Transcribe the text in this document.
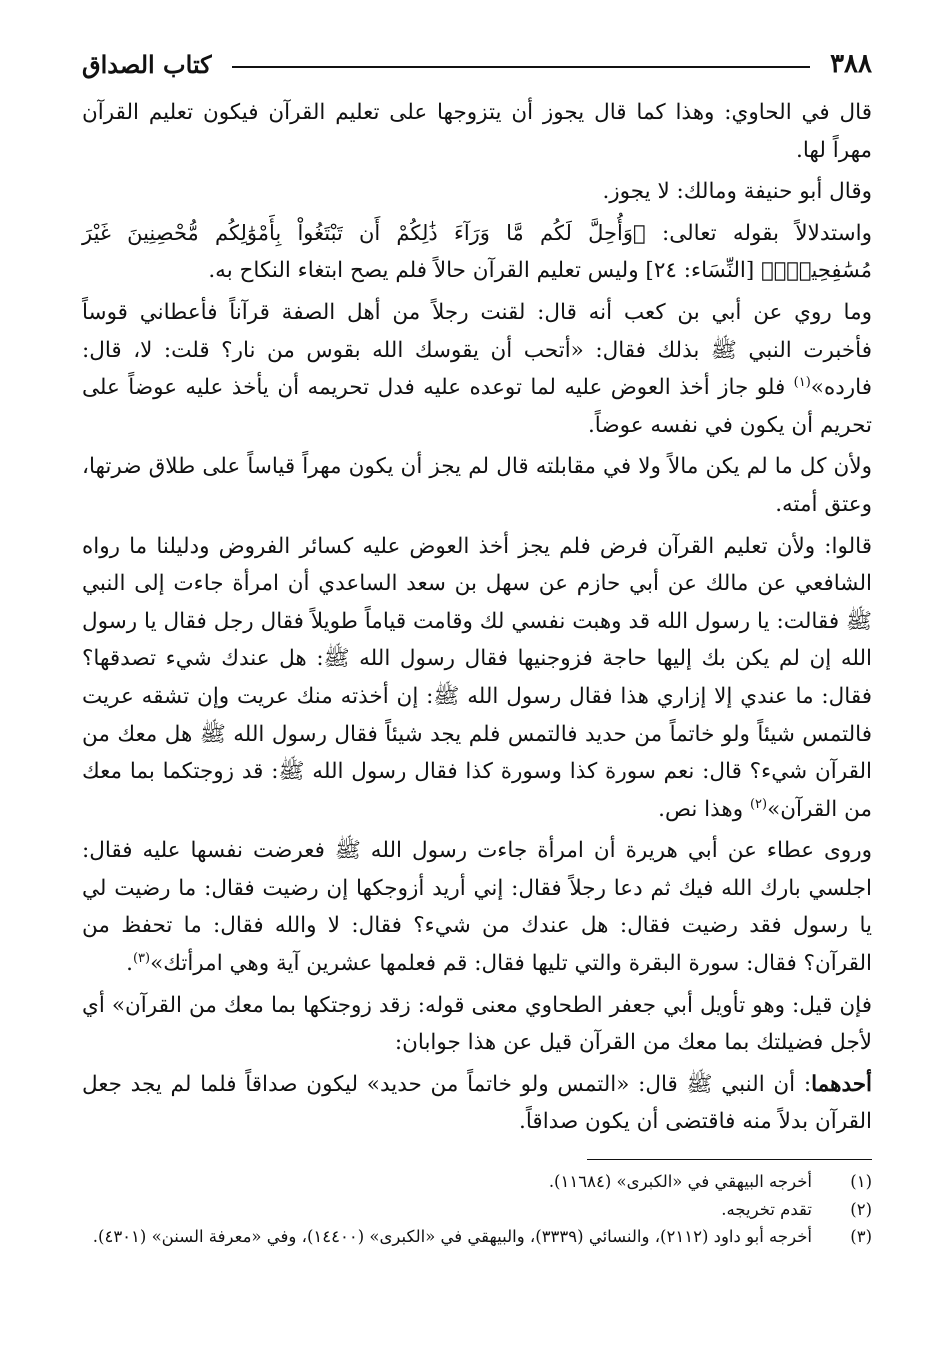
٣٨٨
كتاب الصداق

قال في الحاوي: وهذا كما قال يجوز أن يتزوجها على تعليم القرآن فيكون تعليم القرآن مهراً لها.

وقال أبو حنيفة ومالك: لا يجوز.

واستدلالاً بقوله تعالى: ﴿وَأُحِلَّ لَكُم مَّا وَرَآءَ ذَٰلِكُمْ أَن تَبْتَغُواْ بِأَمْوَٰلِكُم مُّحْصِنِينَ غَيْرَ مُسَٰفِحِينَۚ﴾ [النِّسَاء: ٢٤] وليس تعليم القرآن حالاً فلم يصح ابتغاء النكاح به.

وما روي عن أبي بن كعب أنه قال: لقنت رجلاً من أهل الصفة قرآناً فأعطاني قوساً فأخبرت النبي ﷺ بذلك فقال: «أتحب أن يقوسك الله بقوس من نار؟ قلت: لا، قال: فارده»$^{(١)}$ فلو جاز أخذ العوض عليه لما توعده عليه فدل تحريمه أن يأخذ عليه عوضاً على تحريم أن يكون في نفسه عوضاً.

ولأن كل ما لم يكن مالاً ولا في مقابلته قال لم يجز أن يكون مهراً قياساً على طلاق ضرتها، وعتق أمته.

قالوا: ولأن تعليم القرآن فرض فلم يجز أخذ العوض عليه كسائر الفروض ودليلنا ما رواه الشافعي عن مالك عن أبي حازم عن سهل بن سعد الساعدي أن امرأة جاءت إلى النبي ﷺ فقالت: يا رسول الله قد وهبت نفسي لك وقامت قياماً طويلاً فقال رجل فقال يا رسول الله إن لم يكن بك إليها حاجة فزوجنيها فقال رسول الله ﷺ: هل عندك شيء تصدقها؟ فقال: ما عندي إلا إزاري هذا فقال رسول الله ﷺ: إن أخذته منك عريت وإن تشقه عريت فالتمس شيئاً ولو خاتماً من حديد فالتمس فلم يجد شيئاً فقال رسول الله ﷺ هل معك من القرآن شيء؟ قال: نعم سورة كذا وسورة كذا فقال رسول الله ﷺ: قد زوجتكما بما معك من القرآن»$^{(٢)}$ وهذا نص.

وروى عطاء عن أبي هريرة أن امرأة جاءت رسول الله ﷺ فعرضت نفسها عليه فقال: اجلسي بارك الله فيك ثم دعا رجلاً فقال: إني أريد أزوجكها إن رضيت فقال: ما رضيت لي يا رسول فقد رضيت فقال: هل عندك من شيء؟ فقال: لا والله فقال: ما تحفظ من القرآن؟ فقال: سورة البقرة والتي تليها فقال: قم فعلمها عشرين آية وهي امرأتك»$^{(٣)}$.

فإن قيل: وهو تأويل أبي جعفر الطحاوي معنى قوله: زقد زوجتكها بما معك من القرآن» أي لأجل فضيلتك بما معك من القرآن قيل عن هذا جوابان:

أحدهما: أن النبي ﷺ قال: «التمس ولو خاتماً من حديد» ليكون صداقاً فلما لم يجد جعل القرآن بدلاً منه فاقتضى أن يكون صداقاً.

(١)
أخرجه البيهقي في «الكبرى» (١١٦٨٤).
(٢)
تقدم تخريجه.
(٣)
أخرجه أبو داود (٢١١٢)، والنسائي (٣٣٣٩)، والبيهقي في «الكبرى» (١٤٤٠٠)، وفي «معرفة السنن» (٤٣٠١).
